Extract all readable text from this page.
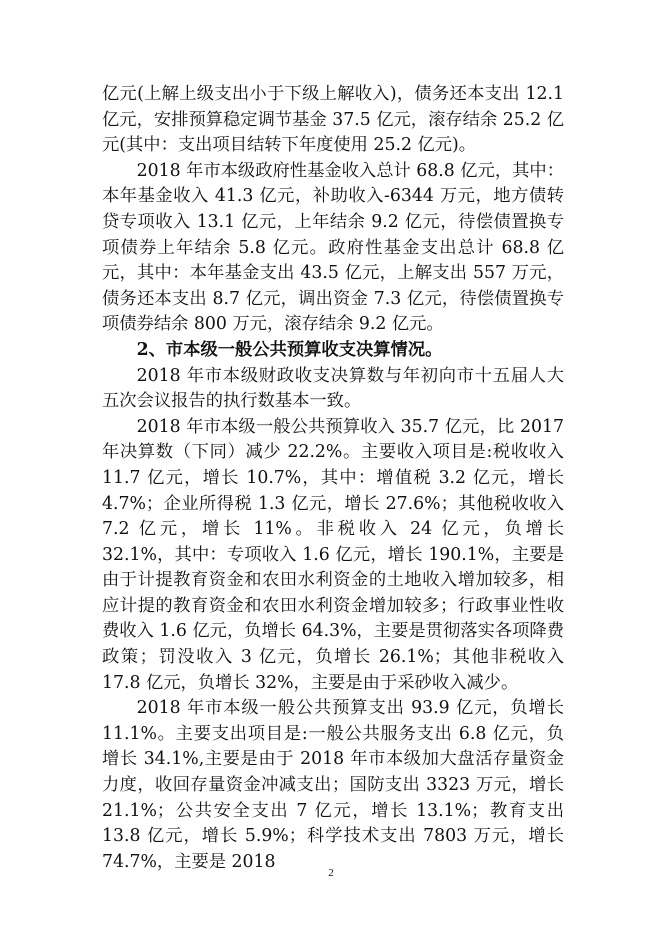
亿元(上解上级支出小于下级上解收入)，债务还本支出 12.1 亿元，安排预算稳定调节基金 37.5 亿元，滚存结余 25.2 亿元(其中：支出项目结转下年度使用 25.2 亿元)。

2018 年市本级政府性基金收入总计 68.8 亿元，其中：本年基金收入 41.3 亿元，补助收入-6344 万元，地方债转贷专项收入 13.1 亿元，上年结余 9.2 亿元，待偿债置换专项债券上年结余 5.8 亿元。政府性基金支出总计 68.8 亿元，其中：本年基金支出 43.5 亿元，上解支出 557 万元，债务还本支出 8.7 亿元，调出资金 7.3 亿元，待偿债置换专项债券结余 800 万元，滚存结余 9.2 亿元。

2、市本级一般公共预算收支决算情况。

2018 年市本级财政收支决算数与年初向市十五届人大五次会议报告的执行数基本一致。

2018 年市本级一般公共预算收入 35.7 亿元，比 2017 年决算数（下同）减少 22.2%。主要收入项目是:税收收入 11.7 亿元，增长 10.7%，其中：增值税 3.2 亿元，增长 4.7%；企业所得税 1.3 亿元，增长 27.6%；其他税收收入 7.2 亿元，增长 11%。非税收入 24 亿元，负增长 32.1%，其中：专项收入 1.6 亿元，增长 190.1%，主要是由于计提教育资金和农田水利资金的土地收入增加较多，相应计提的教育资金和农田水利资金增加较多；行政事业性收费收入 1.6 亿元，负增长 64.3%，主要是贯彻落实各项降费政策；罚没收入 3 亿元，负增长 26.1%；其他非税收入 17.8 亿元，负增长 32%，主要是由于采砂收入减少。

2018 年市本级一般公共预算支出 93.9 亿元，负增长 11.1%。主要支出项目是:一般公共服务支出 6.8 亿元，负增长 34.1%,主要是由于 2018 年市本级加大盘活存量资金力度，收回存量资金冲减支出；国防支出 3323 万元，增长 21.1%；公共安全支出 7 亿元，增长 13.1%；教育支出 13.8 亿元，增长 5.9%；科学技术支出 7803 万元，增长 74.7%，主要是 2018

2
